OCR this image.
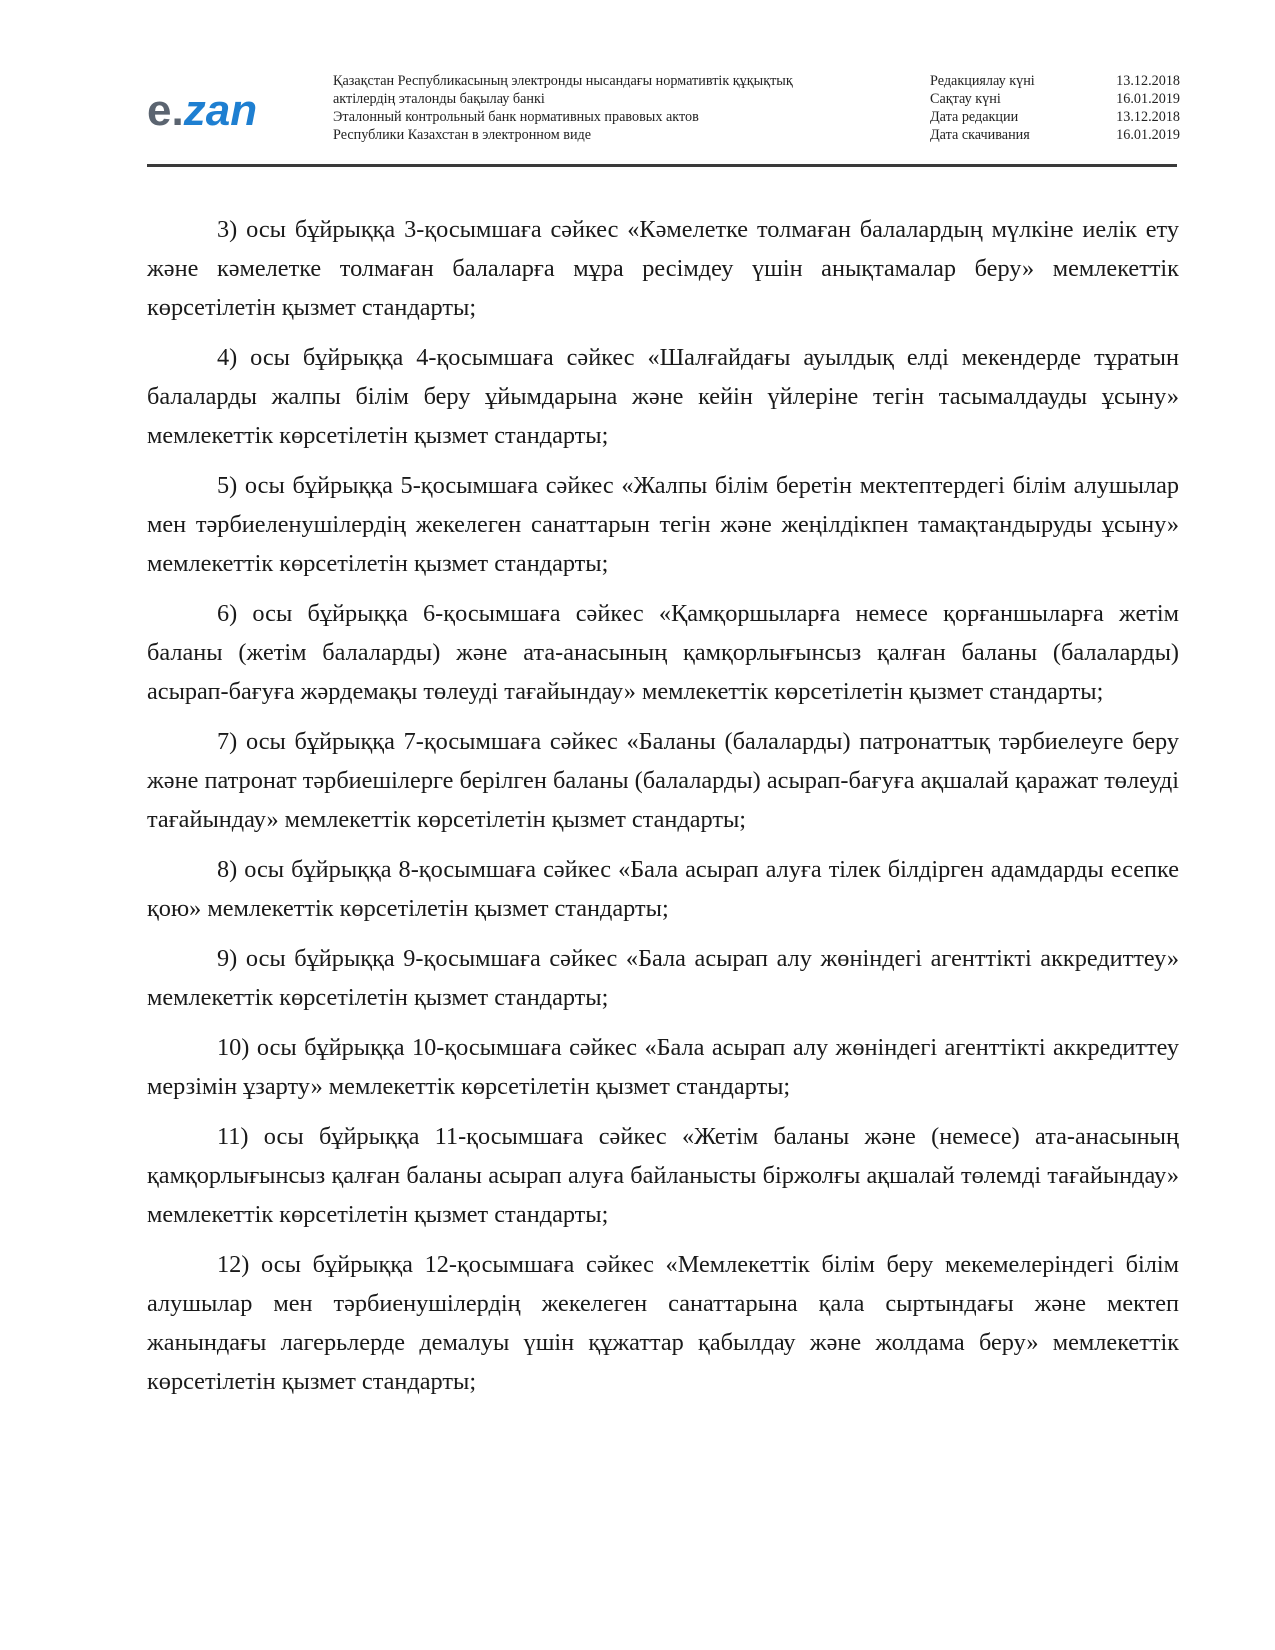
e.zan
Қазақстан Республикасының электронды нысандағы нормативтік құқықтық
актілердің эталонды бақылау банкі
Эталонный контрольный банк нормативных правовых актов
Республики Казахстан в электронном виде
Редакциялау күні	13.12.2018
Сақтау күні	16.01.2019
Дата редакции	13.12.2018
Дата скачивания	16.01.2019

3) осы бұйрыққа 3-қосымшаға сәйкес «Кәмелетке толмаған балалардың мүлкіне иелік ету және кәмелетке толмаған балаларға мұра ресімдеу үшін анықтамалар беру» мемлекеттік көрсетілетін қызмет стандарты;

4) осы бұйрыққа 4-қосымшаға сәйкес «Шалғайдағы ауылдық елді мекендерде тұратын балаларды жалпы білім беру ұйымдарына және кейін үйлеріне тегін тасымалдауды ұсыну» мемлекеттік көрсетілетін қызмет стандарты;

5) осы бұйрыққа 5-қосымшаға сәйкес «Жалпы білім беретін мектептердегі білім алушылар мен тәрбиеленушілердің жекелеген санаттарын тегін және жеңілдікпен тамақтандыруды ұсыну» мемлекеттік көрсетілетін қызмет стандарты;

6) осы бұйрыққа 6-қосымшаға сәйкес «Қамқоршыларға немесе қорғаншыларға жетім баланы (жетім балаларды) және ата-анасының қамқорлығынсыз қалған баланы (балаларды) асырап-бағуға жәрдемақы төлеуді тағайындау» мемлекеттік көрсетілетін қызмет стандарты;

7) осы бұйрыққа 7-қосымшаға сәйкес «Баланы (балаларды) патронаттық тәрбиелеуге беру және патронат тәрбиешілерге берілген баланы (балаларды) асырап-бағуға ақшалай қаражат төлеуді тағайындау» мемлекеттік көрсетілетін қызмет стандарты;

8) осы бұйрыққа 8-қосымшаға сәйкес «Бала асырап алуға тілек білдірген адамдарды есепке қою» мемлекеттік көрсетілетін қызмет стандарты;

9) осы бұйрыққа 9-қосымшаға сәйкес «Бала асырап алу жөніндегі агенттікті аккредиттеу» мемлекеттік көрсетілетін қызмет стандарты;

10) осы бұйрыққа 10-қосымшаға сәйкес «Бала асырап алу жөніндегі агенттікті аккредиттеу мерзімін ұзарту» мемлекеттік көрсетілетін қызмет стандарты;

11) осы бұйрыққа 11-қосымшаға сәйкес «Жетім баланы және (немесе) ата-анасының қамқорлығынсыз қалған баланы асырап алуға байланысты біржолғы ақшалай төлемді тағайындау» мемлекеттік көрсетілетін қызмет стандарты;

12) осы бұйрыққа 12-қосымшаға сәйкес «Мемлекеттік білім беру мекемелеріндегі білім алушылар мен тәрбиенушілердің жекелеген санаттарына қала сыртындағы және мектеп жанындағы лагерьлерде демалуы үшін құжаттар қабылдау және жолдама беру» мемлекеттік көрсетілетін қызмет стандарты;
